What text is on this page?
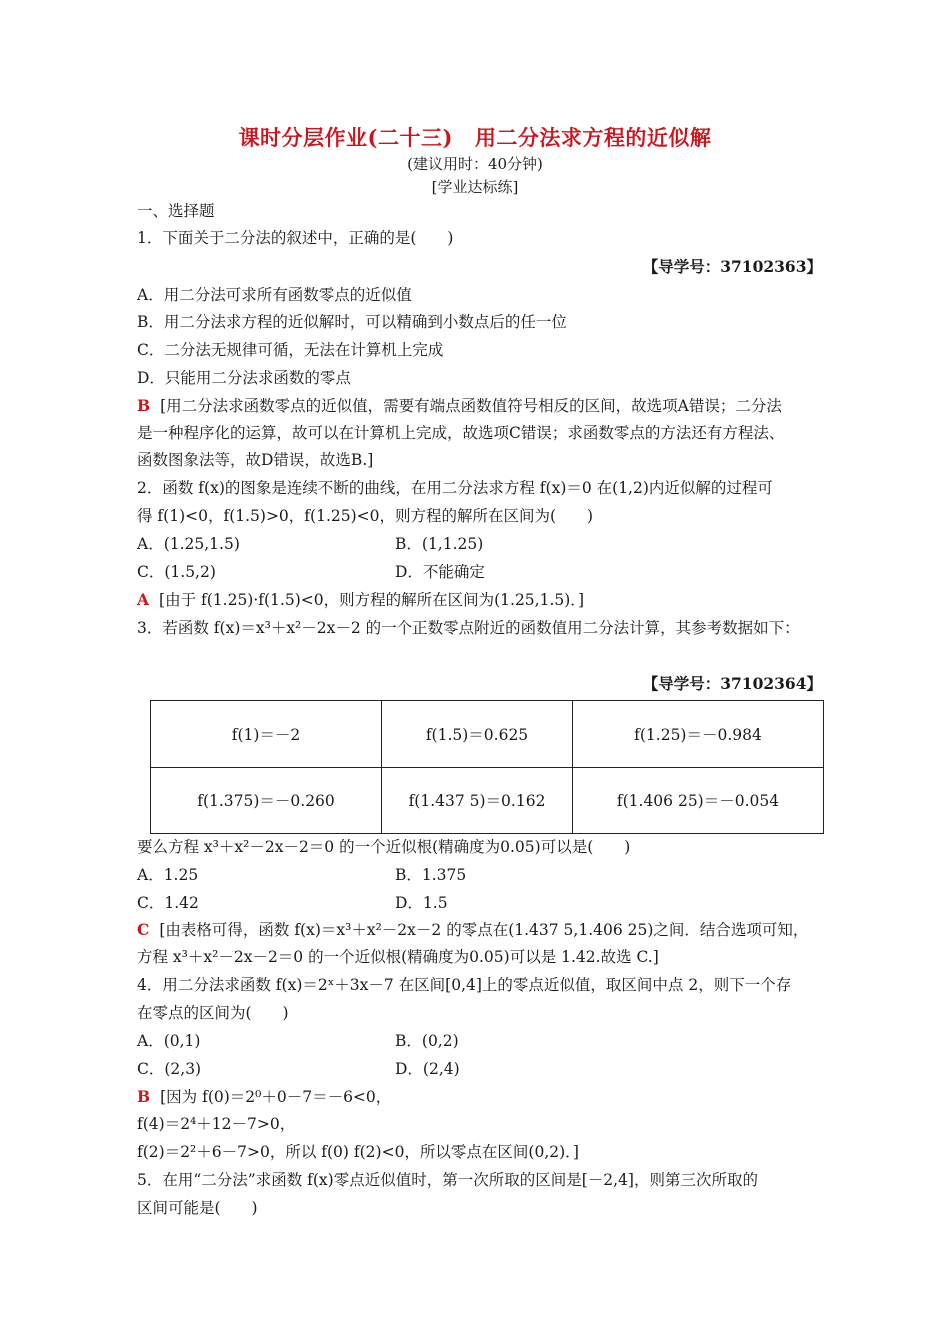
课时分层作业(二十三) 用二分法求方程的近似解
(建议用时：40分钟)
[学业达标练]
一、选择题
1．下面关于二分法的叙述中，正确的是(　　)
【导学号：37102363】
A．用二分法可求所有函数零点的近似值
B．用二分法求方程的近似解时，可以精确到小数点后的任一位
C．二分法无规律可循，无法在计算机上完成
D．只能用二分法求函数的零点
B [用二分法求函数零点的近似值，需要有端点函数值符号相反的区间，故选项A错误；二分法
是一种程序化的运算，故可以在计算机上完成，故选项C错误；求函数零点的方法还有方程法、
函数图象法等，故D错误，故选B.]
2．函数 f(x)的图象是连续不断的曲线，在用二分法求方程 f(x)＝0 在(1,2)内近似解的过程可
得 f(1)<0，f(1.5)>0，f(1.25)<0，则方程的解所在区间为(　　)
A．(1.25,1.5)	B．(1,1.25)
C．(1.5,2)	D．不能确定
A [由于 f(1.25)·f(1.5)<0，则方程的解所在区间为(1.25,1.5)．]
3．若函数 f(x)＝x³＋x²－2x－2 的一个正数零点附近的函数值用二分法计算，其参考数据如下：
【导学号：37102364】
f(1)＝－2	f(1.5)＝0.625	f(1.25)＝－0.984
f(1.375)＝－0.260	f(1.437 5)＝0.162	f(1.406 25)＝－0.054
要么方程 x³＋x²－2x－2＝0 的一个近似根(精确度为0.05)可以是(　　)
A．1.25	B．1.375
C．1.42	D．1.5
C [由表格可得，函数 f(x)＝x³＋x²－2x－2 的零点在(1.437 5,1.406 25)之间．结合选项可知，
方程 x³＋x²－2x－2＝0 的一个近似根(精确度为0.05)可以是 1.42.故选 C.]
4．用二分法求函数 f(x)＝2ˣ＋3x－7 在区间[0,4]上的零点近似值，取区间中点 2，则下一个存
在零点的区间为(　　)
A．(0,1)	B．(0,2)
C．(2,3)	D．(2,4)
B [因为 f(0)＝2⁰＋0－7＝－6<0，
f(4)＝2⁴＋12－7>0，
f(2)＝2²＋6－7>0，所以 f(0) f(2)<0，所以零点在区间(0,2)．]
5．在用“二分法”求函数 f(x)零点近似值时，第一次所取的区间是[－2,4]，则第三次所取的
区间可能是(　　)
